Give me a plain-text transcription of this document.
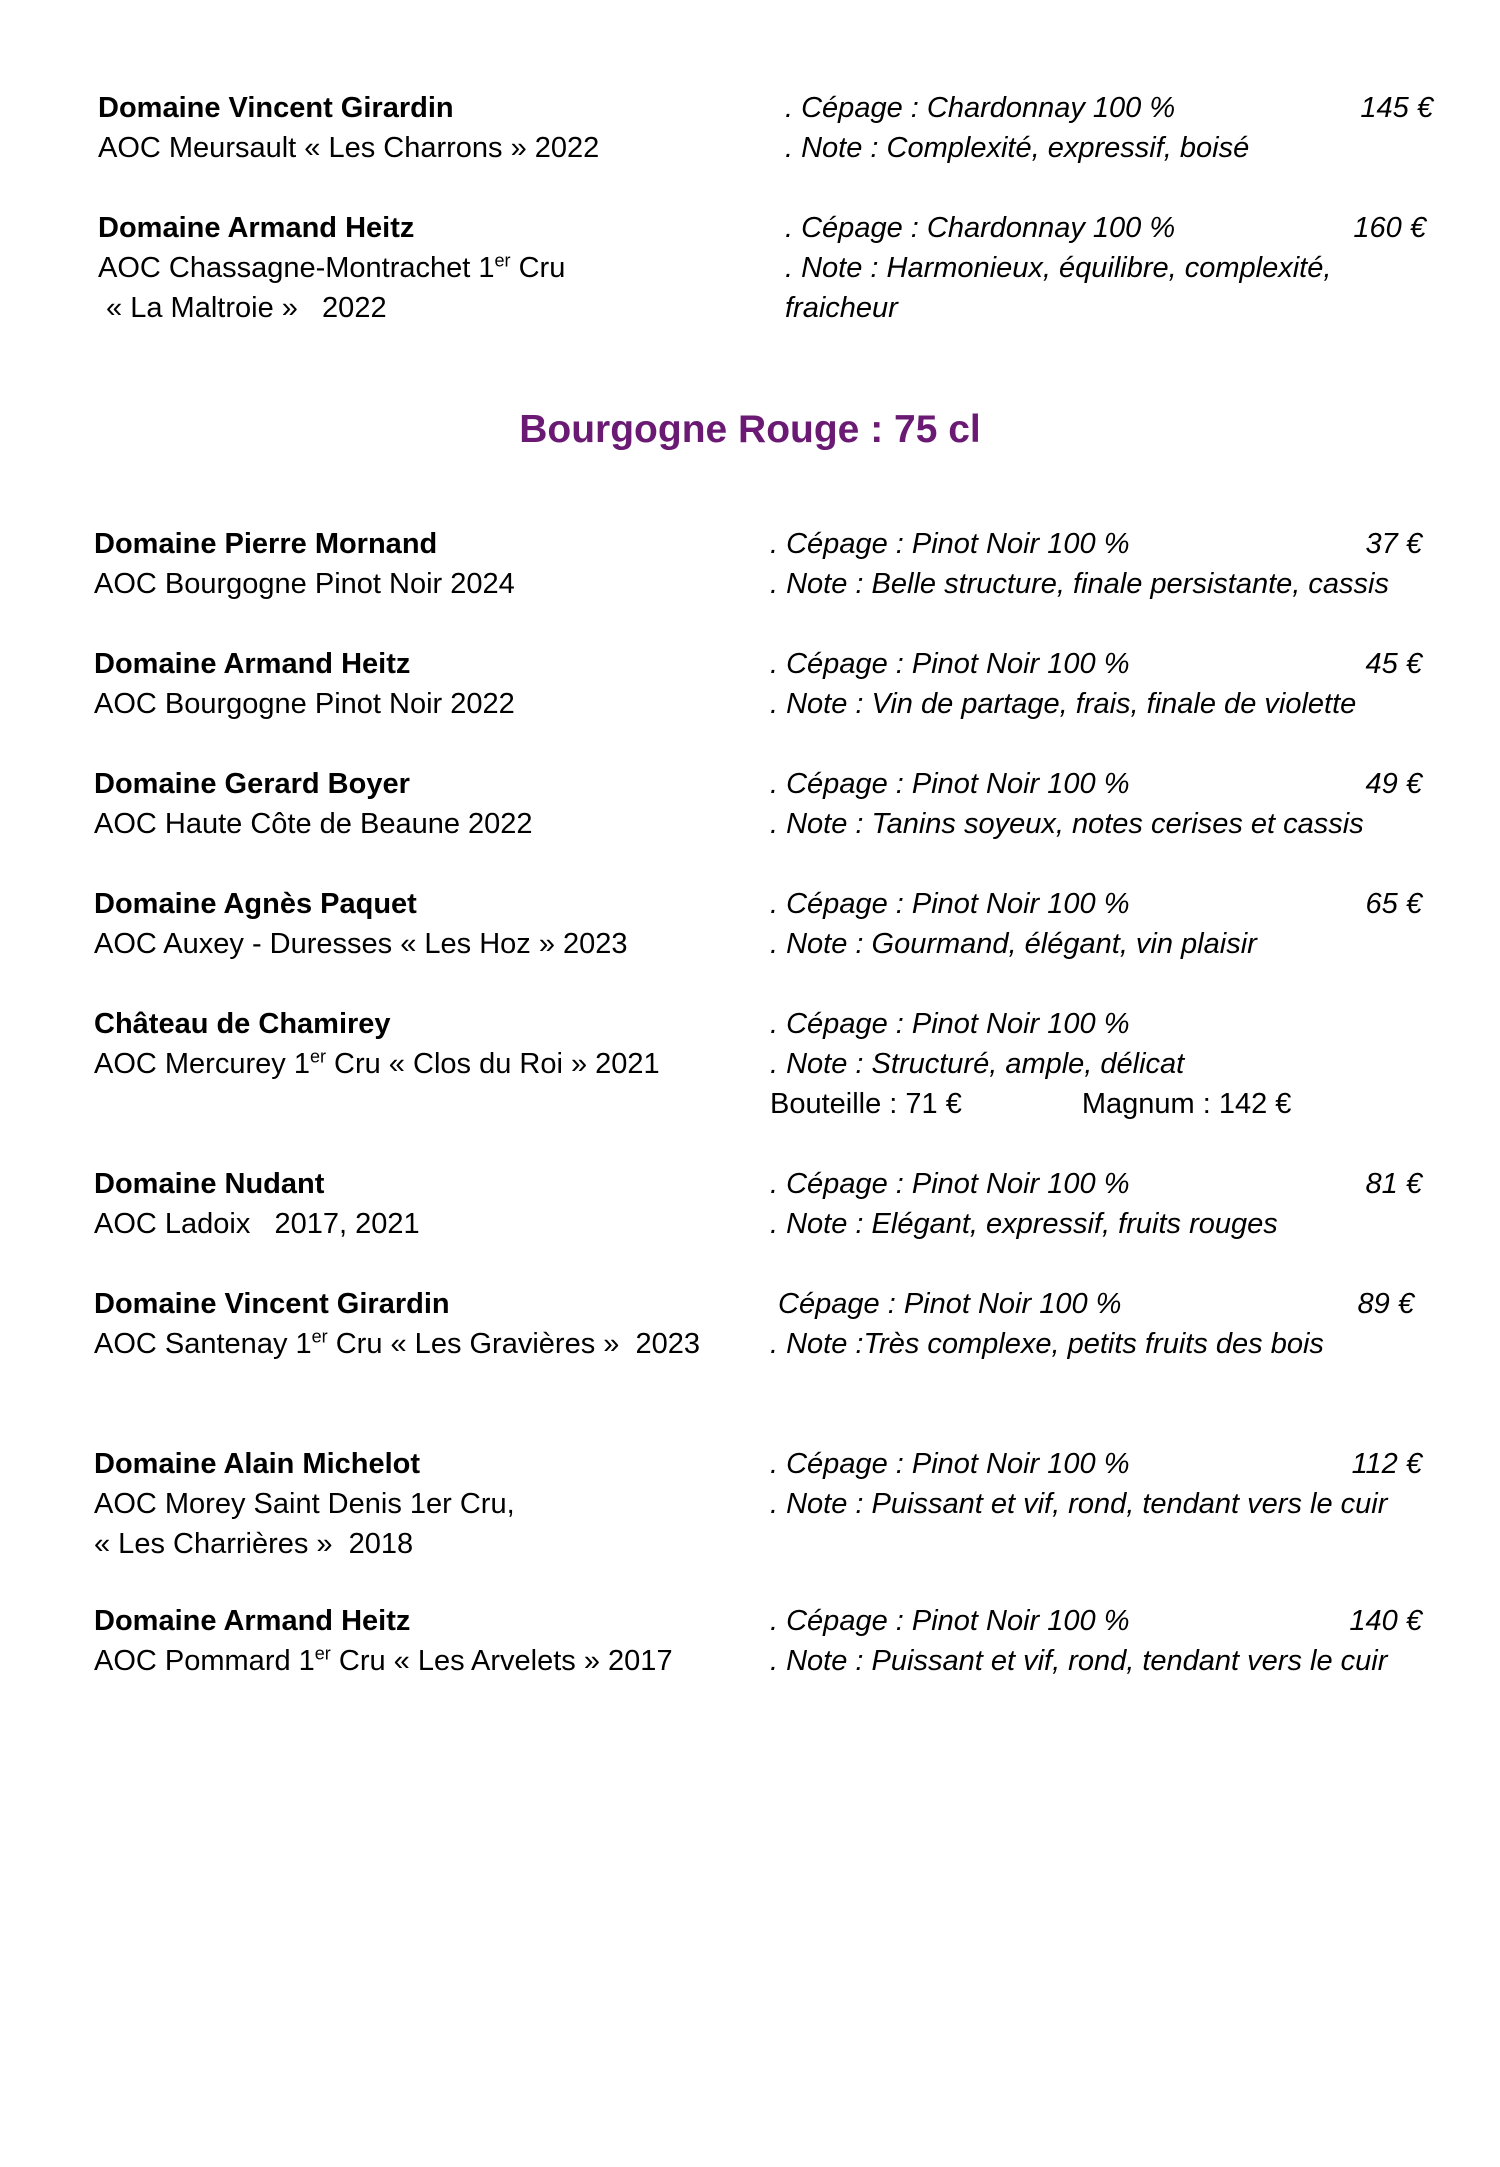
Domaine Vincent Girardin
AOC Meursault « Les Charrons » 2022
. Cépage : Chardonnay 100 %
. Note : Complexité, expressif, boisé
145 €
Domaine Armand Heitz
AOC Chassagne-Montrachet 1er Cru
« La Maltroie »   2022
. Cépage : Chardonnay 100 %
. Note : Harmonieux, équilibre, complexité,
fraicheur
160 €
Bourgogne Rouge : 75 cl
Domaine Pierre Mornand
AOC Bourgogne Pinot Noir 2024
. Cépage : Pinot Noir 100 %
. Note : Belle structure, finale persistante, cassis
37 €
Domaine Armand Heitz
AOC Bourgogne Pinot Noir 2022
. Cépage : Pinot Noir 100 %
. Note : Vin de partage, frais, finale de violette
45 €
Domaine Gerard Boyer
AOC Haute Côte de Beaune 2022
. Cépage : Pinot Noir 100 %
. Note : Tanins soyeux, notes cerises et cassis
49 €
Domaine Agnès Paquet
AOC Auxey - Duresses « Les Hoz » 2023
. Cépage : Pinot Noir 100 %
. Note : Gourmand, élégant, vin plaisir
65 €
Château de Chamirey
AOC Mercurey 1er Cru « Clos du Roi » 2021
. Cépage : Pinot Noir 100 %
. Note : Structuré, ample, délicat
Bouteille : 71 €	Magnum : 142 €
Domaine Nudant
AOC Ladoix   2017, 2021
. Cépage : Pinot Noir 100 %
. Note : Elégant, expressif, fruits rouges
81 €
Domaine Vincent Girardin
AOC Santenay 1er Cru « Les Gravières »  2023
Cépage : Pinot Noir 100 %
. Note :Très complexe, petits fruits des bois
89 €
Domaine Alain Michelot
AOC Morey Saint Denis 1er Cru,
« Les Charrières »  2018
. Cépage : Pinot Noir 100 %
. Note : Puissant et vif, rond, tendant vers le cuir
112 €
Domaine Armand Heitz
AOC Pommard 1er Cru « Les Arvelets » 2017
. Cépage : Pinot Noir 100 %
. Note : Puissant et vif, rond, tendant vers le cuir
140 €
